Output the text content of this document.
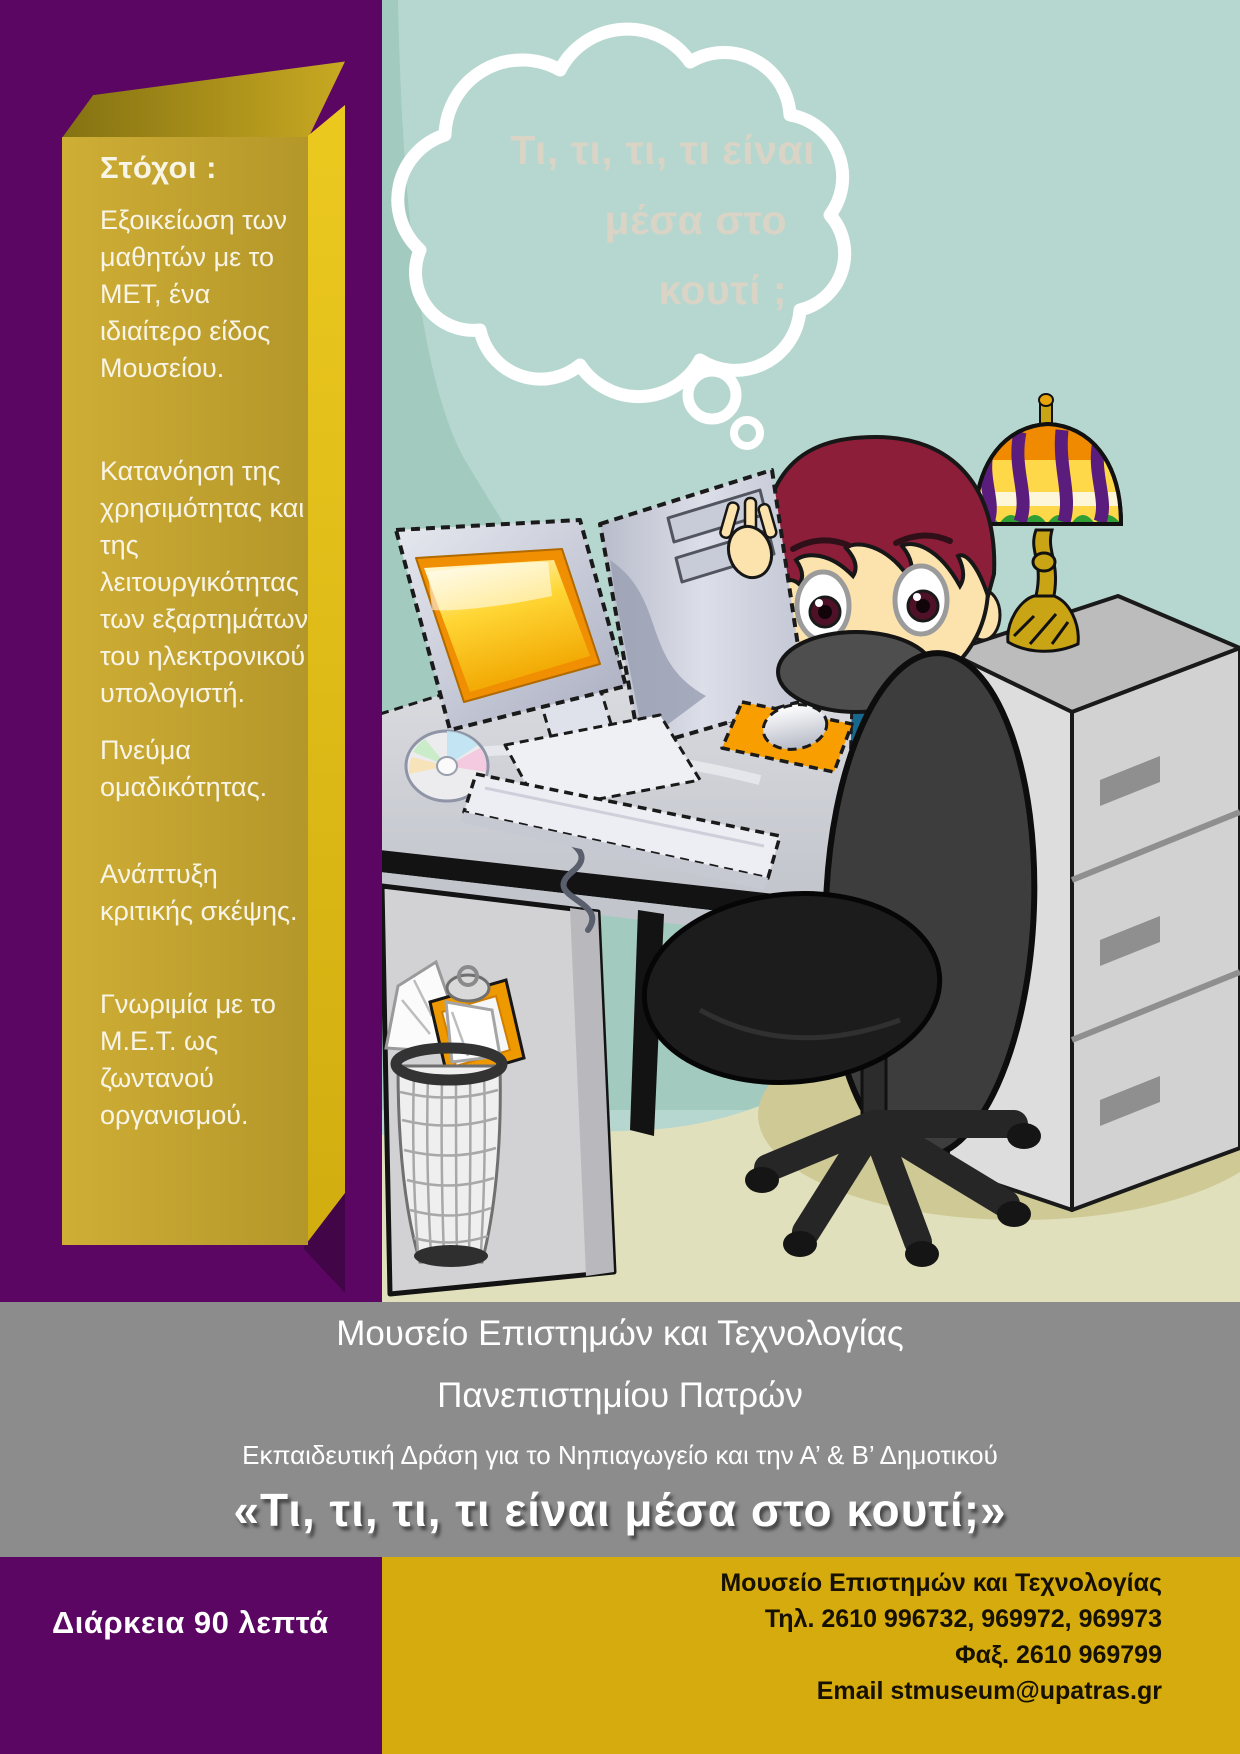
Στόχοι :

Εξοικείωση των μαθητών με το ΜΕΤ, ένα ιδιαίτερο είδος Μουσείου.

Κατανόηση της χρησιμότητας και της λειτουργικότητας των εξαρτημάτων του ηλεκτρονικού υπολογιστή.

Πνεύμα ομαδικότητας.

Ανάπτυξη κριτικής σκέψης.

Γνωριμία με το Μ.Ε.Τ. ως ζωντανού οργανισμού.

Τι, τι, τι, τι είναι
μέσα στο
κουτί ;
Μουσείο Επιστημών και Τεχνολογίας
Πανεπιστημίου Πατρών
Εκπαιδευτική Δράση για το Νηπιαγωγείο και την Α’ & Β’ Δημοτικού
«Τι, τι, τι, τι είναι μέσα στο κουτί;»
Διάρκεια 90 λεπτά
Μουσείο Επιστημών και Τεχνολογίας
Τηλ. 2610 996732, 969972, 969973
Φαξ. 2610 969799
Email stmuseum@upatras.gr
